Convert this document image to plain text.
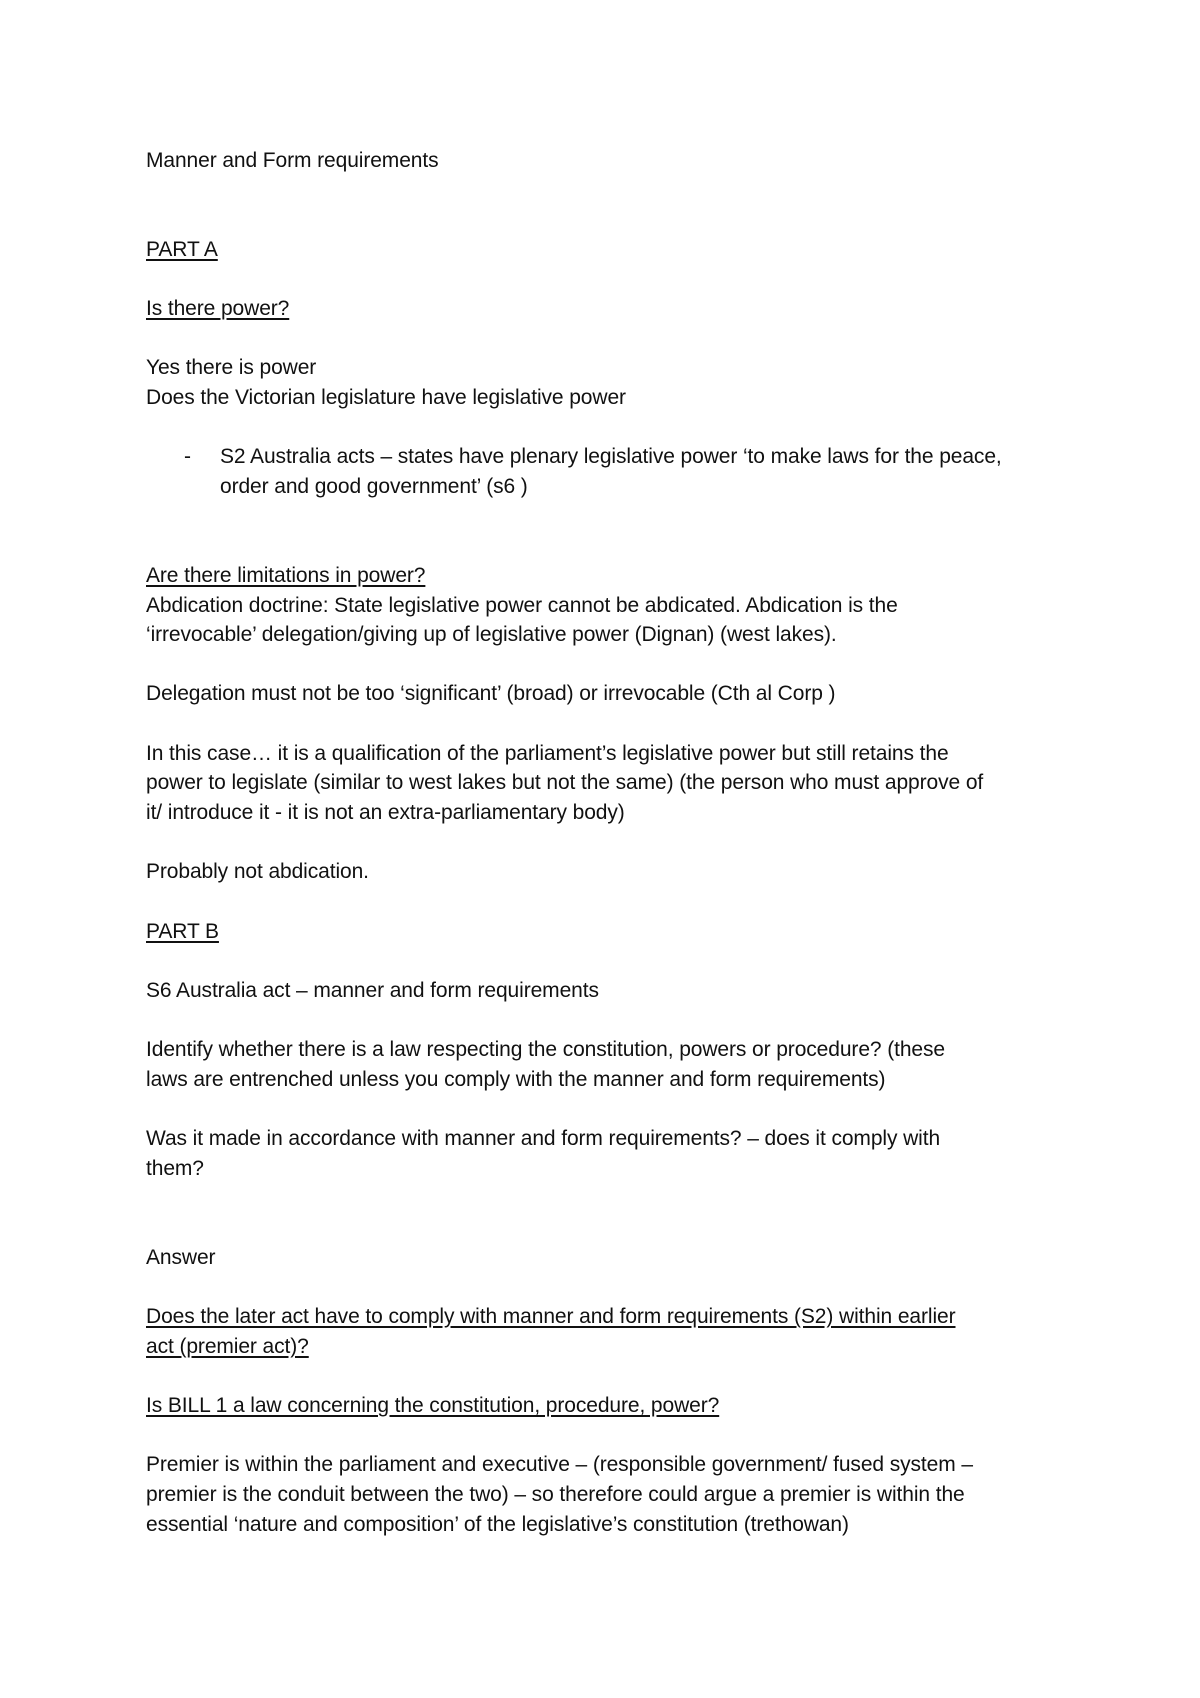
Manner and Form requirements
PART A
Is there power?
Yes there is power
Does the Victorian legislature have legislative power
- S2 Australia acts – states have plenary legislative power ‘to make laws for the peace,
order and good government’ (s6 )
Are there limitations in power?
Abdication doctrine: State legislative power cannot be abdicated. Abdication is the
‘irrevocable’ delegation/giving up of legislative power (Dignan) (west lakes).
Delegation must not be too ‘significant’ (broad) or irrevocable (Cth al Corp )
In this case… it is a qualification of the parliament’s legislative power but still retains the
power to legislate (similar to west lakes but not the same) (the person who must approve of
it/ introduce it - it is not an extra-parliamentary body)
Probably not abdication.
PART B
S6 Australia act – manner and form requirements
Identify whether there is a law respecting the constitution, powers or procedure? (these
laws are entrenched unless you comply with the manner and form requirements)
Was it made in accordance with manner and form requirements? – does it comply with
them?
Answer
Does the later act have to comply with manner and form requirements (S2) within earlier
act (premier act)?
Is BILL 1 a law concerning the constitution, procedure, power?
Premier is within the parliament and executive – (responsible government/ fused system –
premier is the conduit between the two) – so therefore could argue a premier is within the
essential ‘nature and composition’ of the legislative’s constitution (trethowan)
